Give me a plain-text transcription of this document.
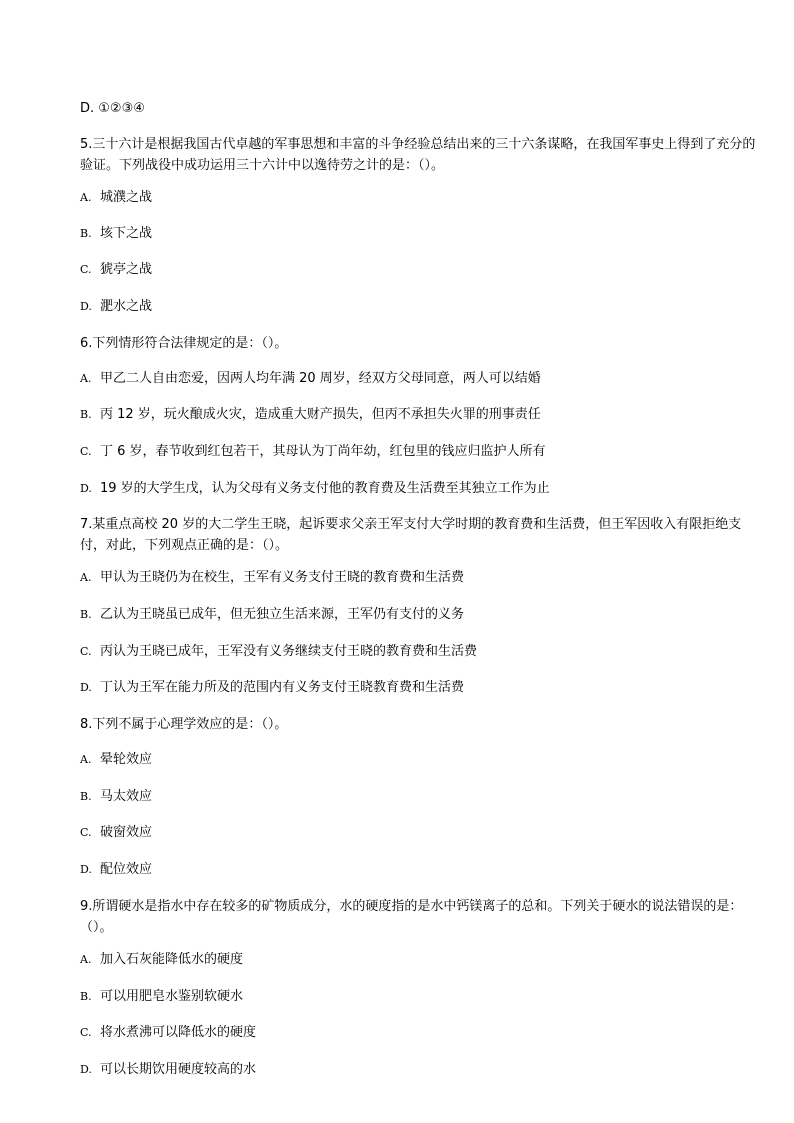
D. ①②③④
5.三十六计是根据我国古代卓越的军事思想和丰富的斗争经验总结出来的三十六条谋略，在我国军事史上得到了充分的验证。下列战役中成功运用三十六计中以逸待劳之计的是：（）。
A. 城濮之战
B. 垓下之战
C. 猇亭之战
D. 淝水之战
6.下列情形符合法律规定的是：（）。
A. 甲乙二人自由恋爱，因两人均年满 20 周岁，经双方父母同意，两人可以结婚
B. 丙 12 岁，玩火酿成火灾，造成重大财产损失，但丙不承担失火罪的刑事责任
C. 丁 6 岁，春节收到红包若干，其母认为丁尚年幼，红包里的钱应归监护人所有
D. 19 岁的大学生戊，认为父母有义务支付他的教育费及生活费至其独立工作为止
7.某重点高校 20 岁的大二学生王晓，起诉要求父亲王军支付大学时期的教育费和生活费，但王军因收入有限拒绝支付，对此，下列观点正确的是：（）。
A. 甲认为王晓仍为在校生，王军有义务支付王晓的教育费和生活费
B. 乙认为王晓虽已成年，但无独立生活来源，王军仍有支付的义务
C. 丙认为王晓已成年，王军没有义务继续支付王晓的教育费和生活费
D. 丁认为王军在能力所及的范围内有义务支付王晓教育费和生活费
8.下列不属于心理学效应的是：（）。
A. 晕轮效应
B. 马太效应
C. 破窗效应
D. 配位效应
9.所谓硬水是指水中存在较多的矿物质成分，水的硬度指的是水中钙镁离子的总和。下列关于硬水的说法错误的是：（）。
A. 加入石灰能降低水的硬度
B. 可以用肥皂水鉴别软硬水
C. 将水煮沸可以降低水的硬度
D. 可以长期饮用硬度较高的水
